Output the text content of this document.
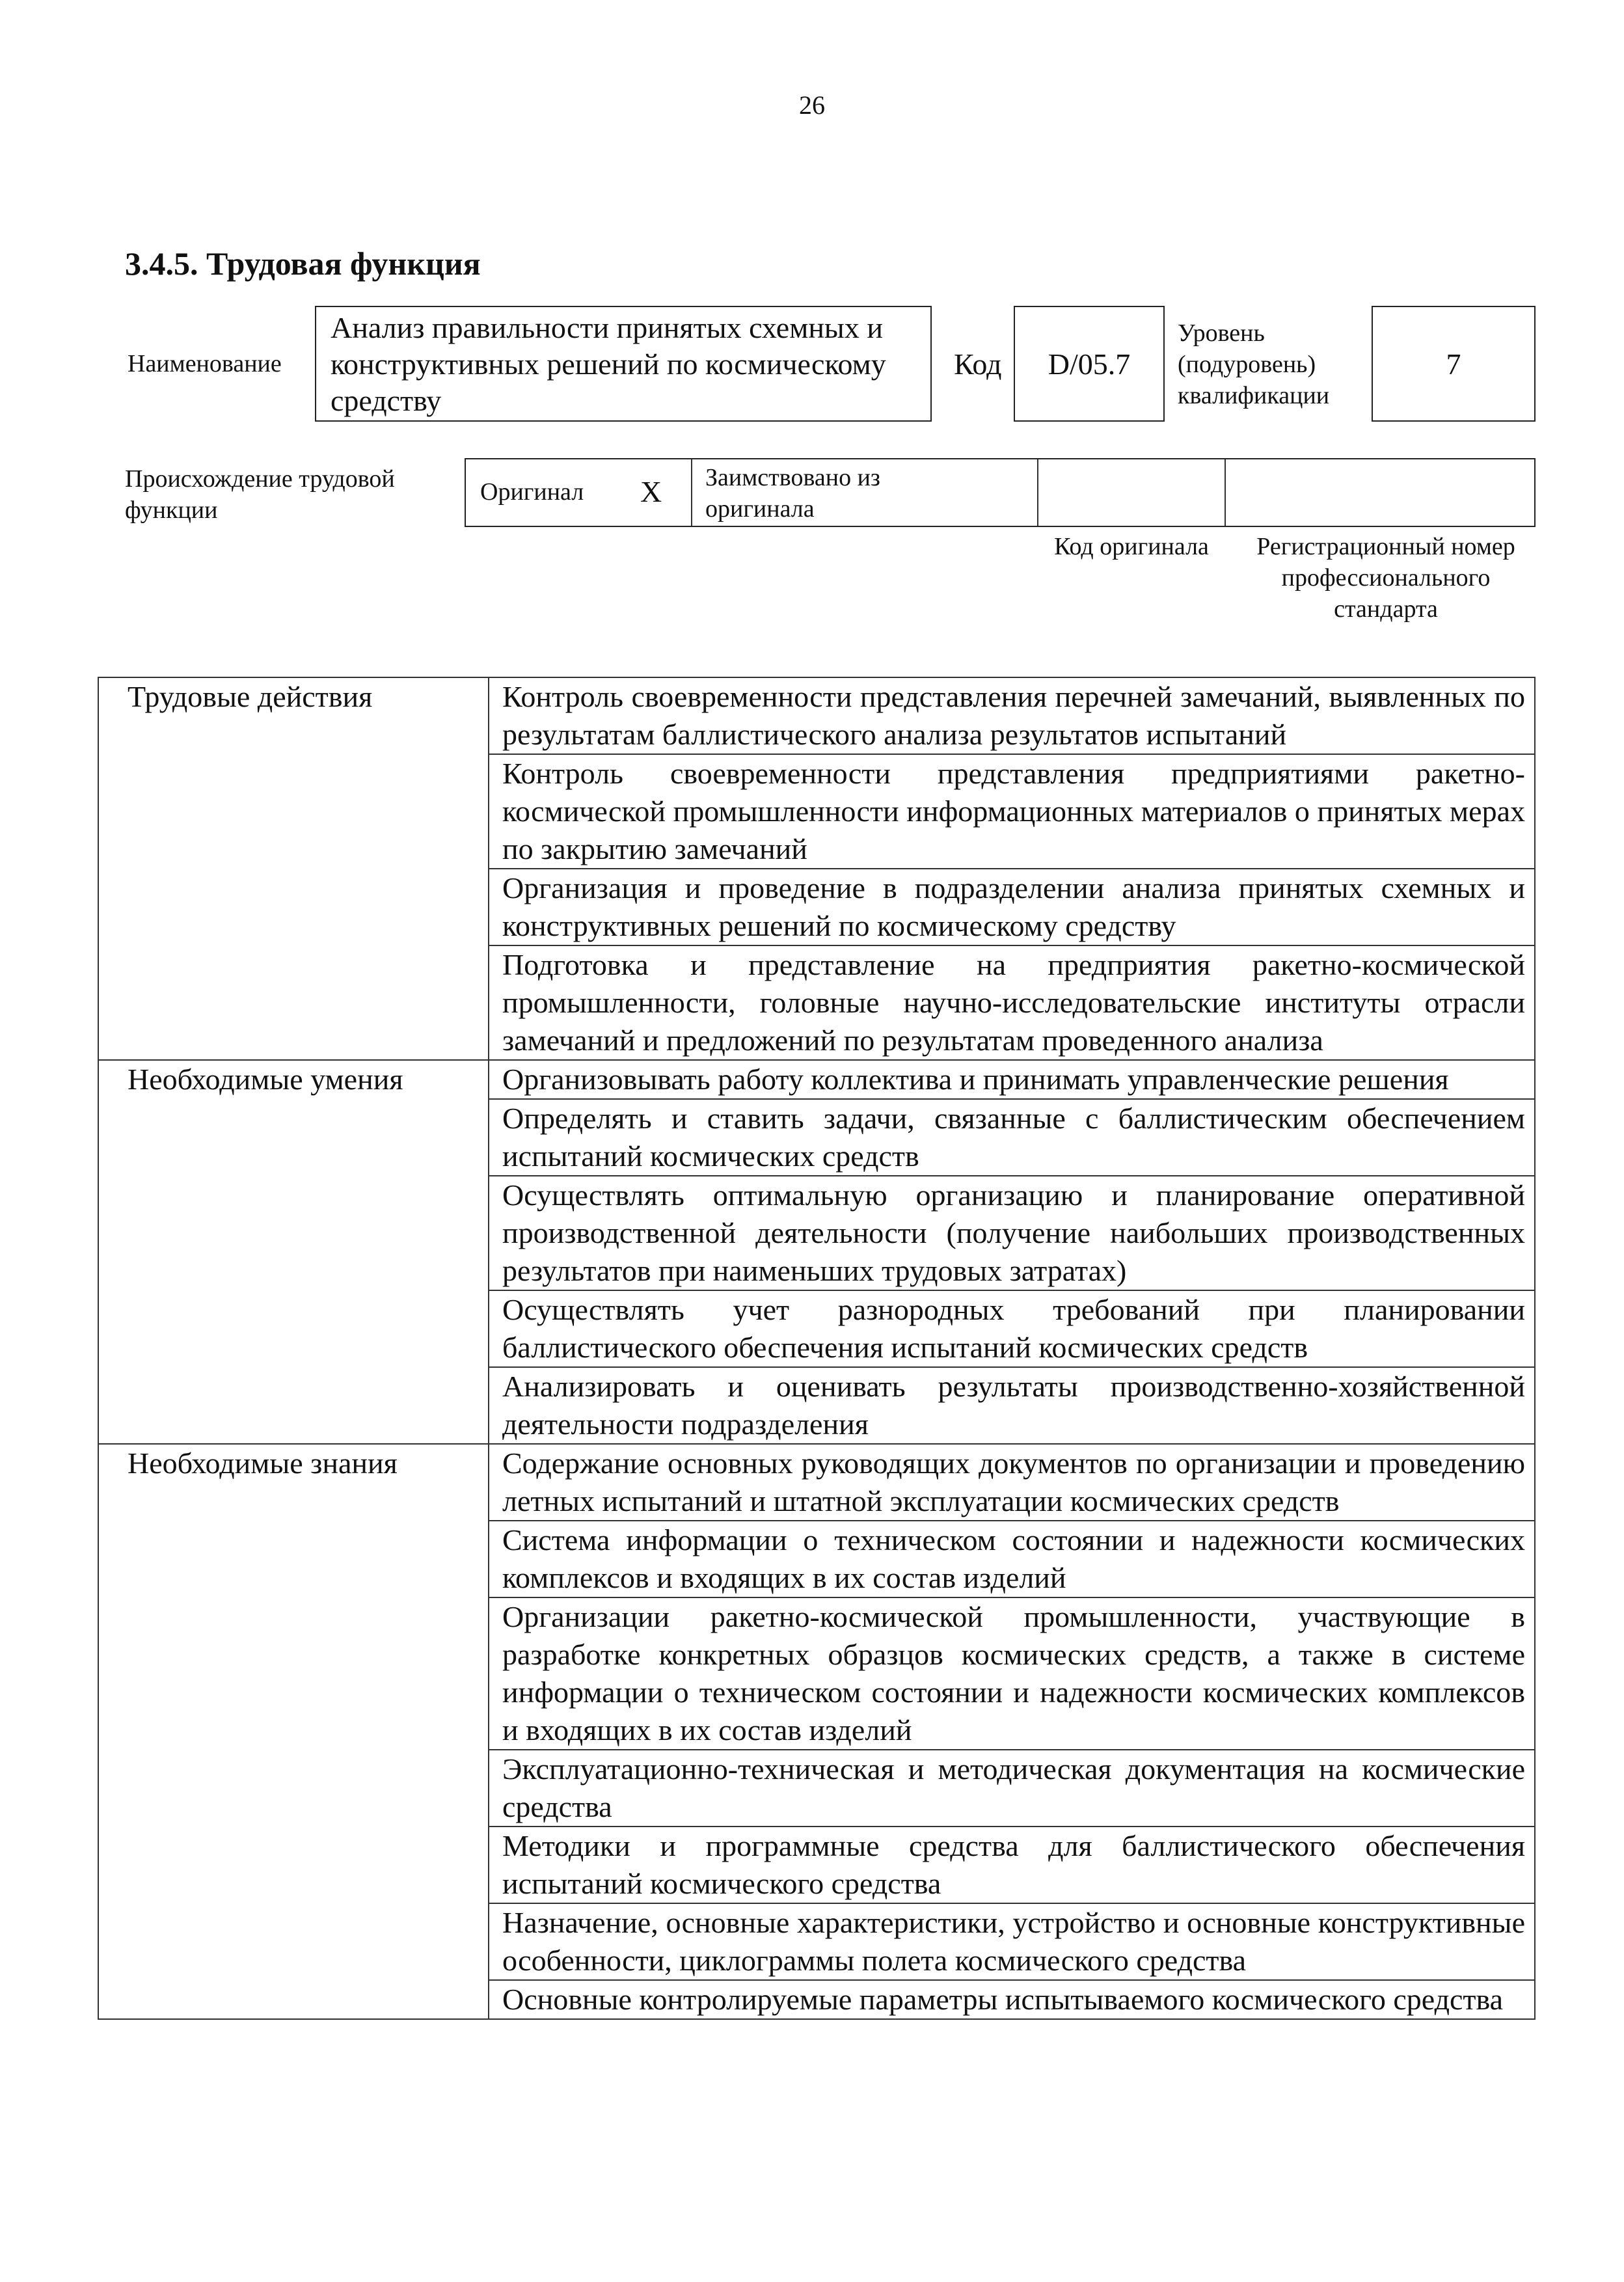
26
3.4.5. Трудовая функция
Наименование
Анализ правильности принятых схемных и конструктивных решений по космическому средству
Код	D/05.7
Уровень (подуровень) квалификации
7
Происхождение трудовой функции
Оригинал X Заимствовано из оригинала
Код оригинала	Регистрационный номер профессионального стандарта
Трудовые действия	Контроль своевременности представления перечней замечаний, выявленных по результатам баллистического анализа результатов испытаний
	Контроль своевременности представления предприятиями ракетно-космической промышленности информационных материалов о принятых мерах по закрытию замечаний
	Организация и проведение в подразделении анализа принятых схемных и конструктивных решений по космическому средству
	Подготовка и представление на предприятия ракетно-космической промышленности, головные научно-исследовательские институты отрасли замечаний и предложений по результатам проведенного анализа
Необходимые умения	Организовывать работу коллектива и принимать управленческие решения
	Определять и ставить задачи, связанные с баллистическим обеспечением испытаний космических средств
	Осуществлять оптимальную организацию и планирование оперативной производственной деятельности (получение наибольших производственных результатов при наименьших трудовых затратах)
	Осуществлять учет разнородных требований при планировании баллистического обеспечения испытаний космических средств
	Анализировать и оценивать результаты производственно-хозяйственной деятельности подразделения
Необходимые знания	Содержание основных руководящих документов по организации и проведению летных испытаний и штатной эксплуатации космических средств
	Система информации о техническом состоянии и надежности космических комплексов и входящих в их состав изделий
	Организации ракетно-космической промышленности, участвующие в разработке конкретных образцов космических средств, а также в системе информации о техническом состоянии и надежности космических комплексов и входящих в их состав изделий
	Эксплуатационно-техническая и методическая документация на космические средства
	Методики и программные средства для баллистического обеспечения испытаний космического средства
	Назначение, основные характеристики, устройство и основные конструктивные особенности, циклограммы полета космического средства
	Основные контролируемые параметры испытываемого космического средства
